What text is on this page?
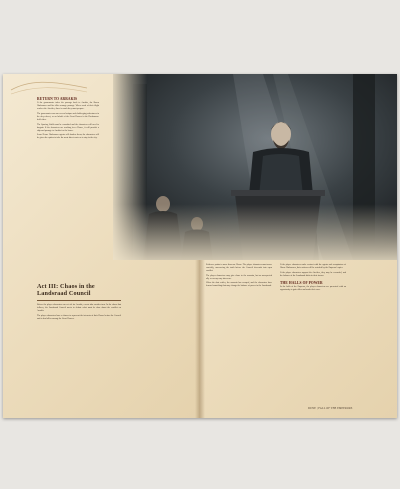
RETURN TO ARRAKIS

If the gamemaster takes the passage back to Arrakis, the Baron Harkonnen and his allies arrange passage. When word of their flight reaches the Atreides, there is much they must prepare.

The gamemaster can run several unique and challenging adventures in the deep desert, or on behalf of the Great Houses in the Harkonnen-held cities.

The Spacing Guild must be consulted and the characters will need to bargain. If the characters are working for a House, it will provide a ship and passage to Arrakis for the house.

Some House Harkonnen agents will shadow them; the characters will be given the option to take the most direct route or to stay in the city.

Act III: Chaos in the Landsraad Council

Before the player characters can set off for Arrakis, events take another turn. In the chaos that follows, the Landsraad Council meets to debate what must be done about the conflict on Arrakis.

The player characters have a chance to represent the interests of their House before the Council and to find allies among the Great Houses.

Evidence points to more than one House. The player characters must move carefully, uncovering the truth before the Council descends into open conflict.

The player characters may give chase to the assassin, but an unexpected ally or enemy may intervene.

When the dust settles, the assassin has escaped, and the characters have learned something that may change the balance of power in the Landsraad.

If the player characters make contact with the agents and conspirators of House Harkonnen, their actions will be watched by the Emperor's spies.

If the player characters support the Atreides, they may be rewarded, and the balance of the Landsraad shifts in their favour.

THE HALLS OF POWER

In the halls of the Emperor, the player characters are presented with an opportunity to gain allies and make their case.

DUNE | FALL OF THE EMPERORS
